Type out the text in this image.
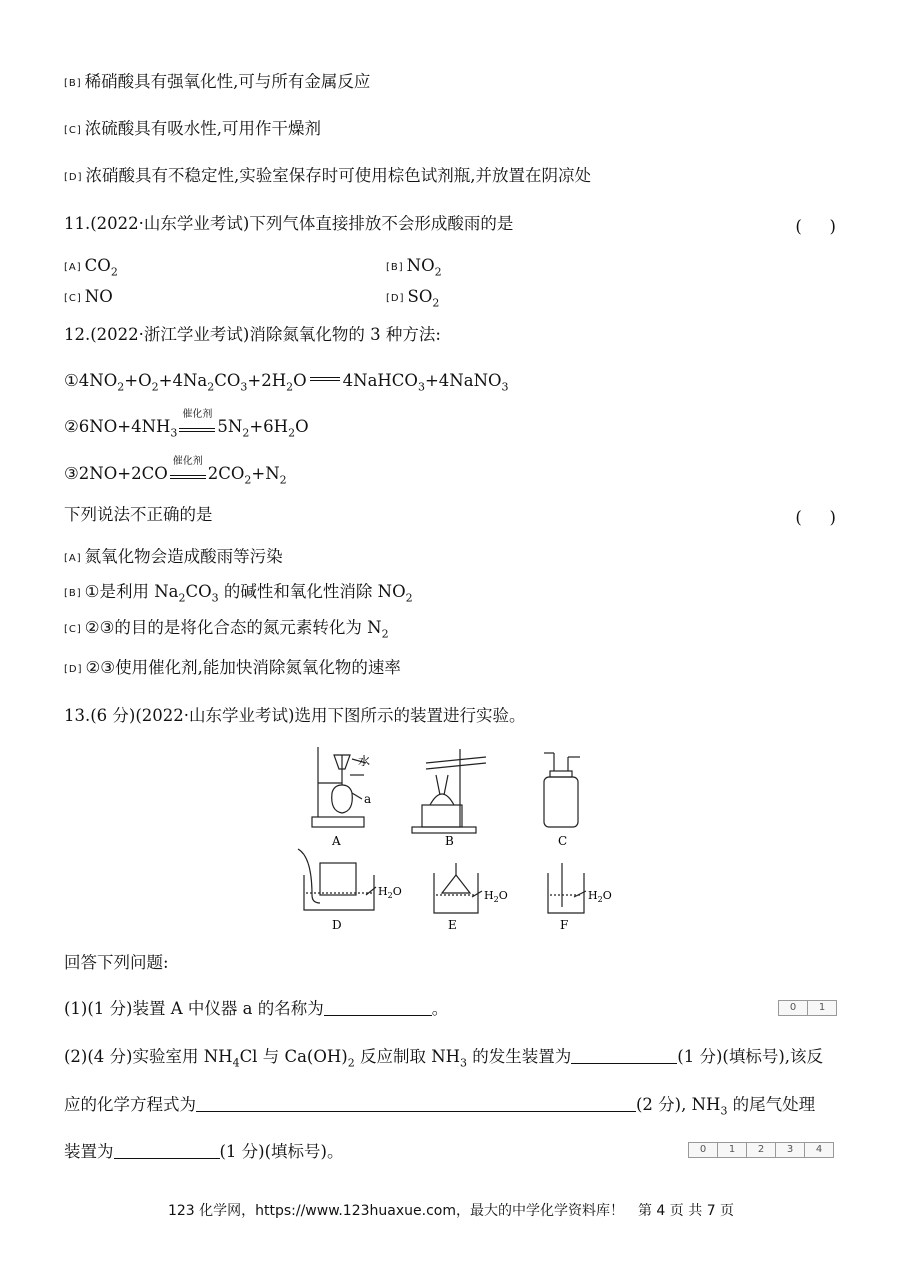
[B] 稀硝酸具有强氧化性,可与所有金属反应
[C] 浓硫酸具有吸水性,可用作干燥剂
[D] 浓硝酸具有不稳定性,实验室保存时可使用棕色试剂瓶,并放置在阴凉处
11.(2022·山东学业考试)下列气体直接排放不会形成酸雨的是	(　 )
[A] $CO_2$	[B] $NO_2$
[C] NO	[D] $SO_2$
12.(2022·浙江学业考试)消除氮氧化物的 3 种方法:
$①4NO_2+O_2+4Na_2CO_3+2H_2O$ 4NaHCO$_3$+4NaNO$_3$
$②6NO+4NH_3$
催化剂
$5N_2+6H_2O$
③2NO+2CO
催化剂
$2CO_2+N_2$
下列说法不正确的是	(　 )
[A] 氮氧化物会造成酸雨等污染
[B] ①是利用 $Na_2CO_3$ 的碱性和氧化性消除 $NO_2$
[C] ②③的目的是将化合态的氮元素转化为 $N_2$
[D] ②③使用催化剂,能加快消除氮氧化物的速率
13.(6 分)(2022·山东学业考试)选用下图所示的装置进行实验。
水
a
$H_2O$	$H_2O$	$H_2O$
A	B	C
D	E	F
回答下列问题:
(1)(1 分)装置 A 中仪器 a 的名称为	。	0	1
(2)(4 分)实验室用 $NH_4Cl$ 与 $Ca(OH)_2$ 反应制取 $NH_3$ 的发生装置为	(1 分)(填标号),该反
应的化学方程式为	(2 分), $NH_3$ 的尾气处理
装置为	(1 分)(填标号)。	0	1	2	3	4
123 化学网，https://www.123huaxue.com，最大的中学化学资料库！　 第 4 页 共 7 页
